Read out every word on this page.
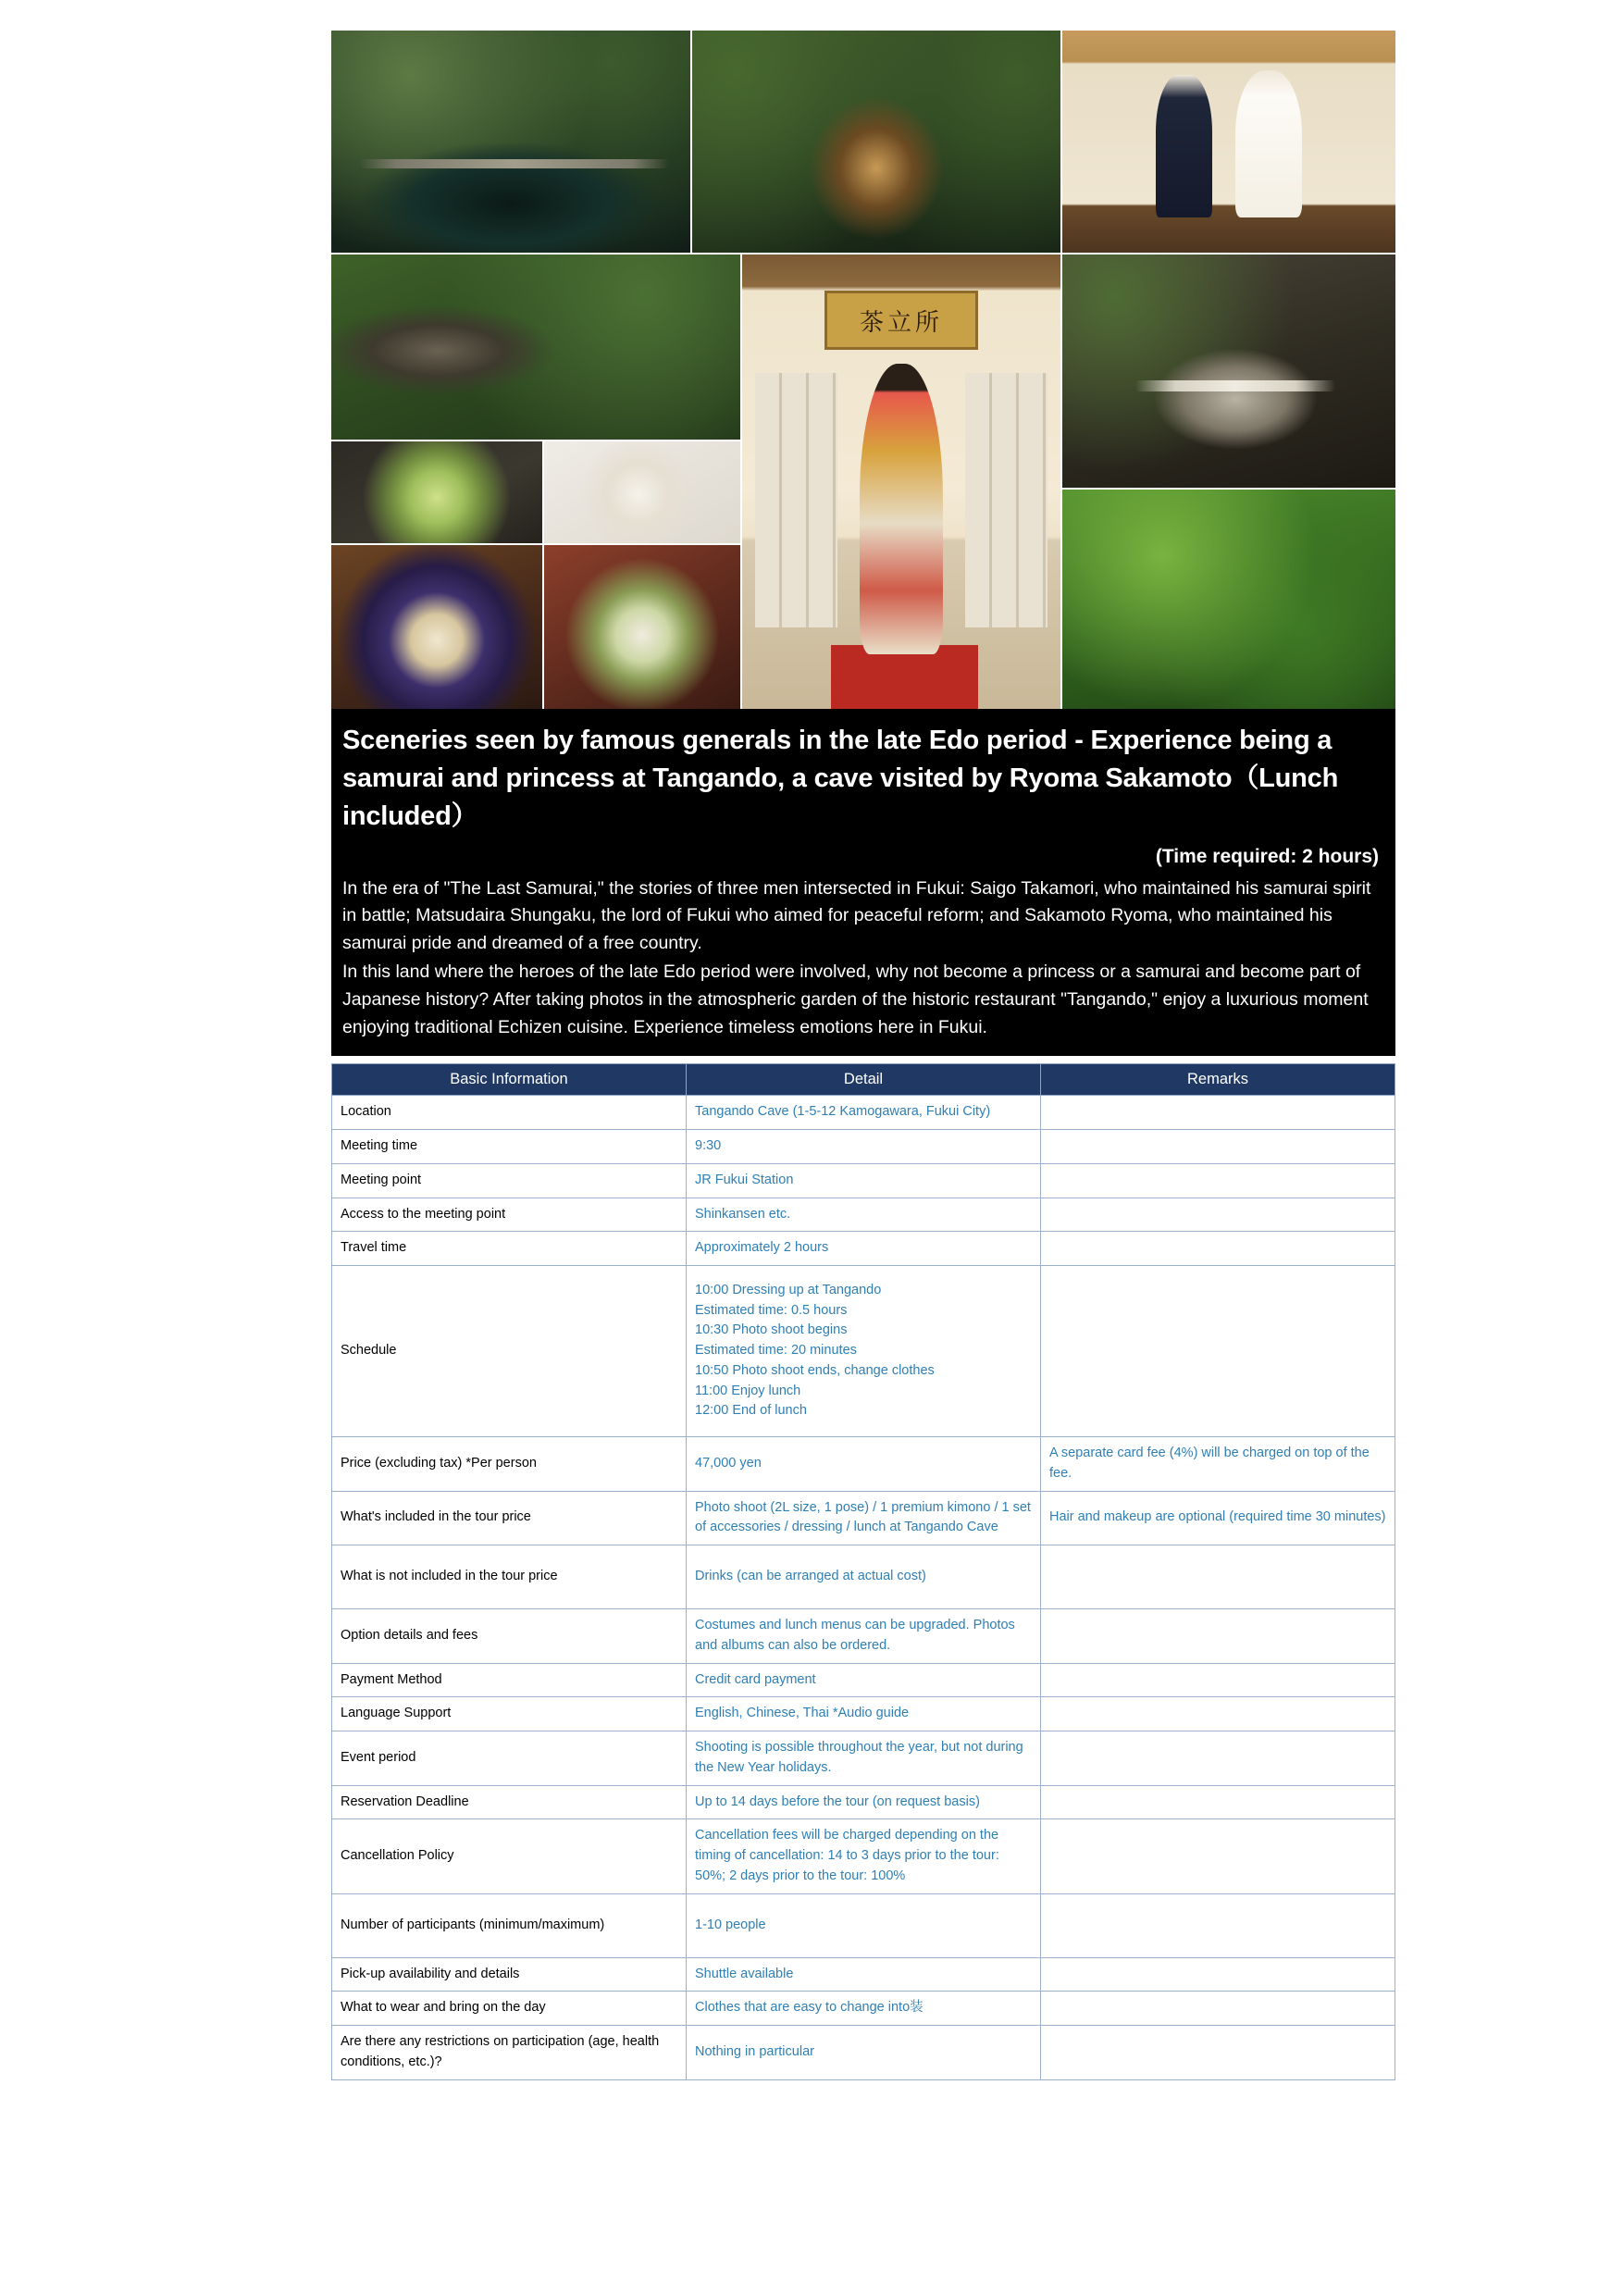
茶立所
Sceneries seen by famous generals in the late Edo period - Experience being a samurai and princess at Tangando, a cave visited by Ryoma Sakamoto（Lunch included）
(Time required: 2 hours)

In the era of "The Last Samurai," the stories of three men intersected in Fukui: Saigo Takamori, who maintained his samurai spirit in battle; Matsudaira Shungaku, the lord of Fukui who aimed for peaceful reform; and Sakamoto Ryoma, who maintained his samurai pride and dreamed of a free country.

In this land where the heroes of the late Edo period were involved, why not become a princess or a samurai and become part of Japanese history? After taking photos in the atmospheric garden of the historic restaurant "Tangando," enjoy a luxurious moment enjoying traditional Echizen cuisine. Experience timeless emotions here in Fukui.

Basic Information	Detail	Remarks
Location	Tangando Cave (1-5-12 Kamogawara, Fukui City)	
Meeting time	9:30	
Meeting point	JR Fukui Station	
Access to the meeting point	Shinkansen etc.	
Travel time	Approximately 2 hours	
Schedule	10:00 Dressing up at Tangando
Estimated time: 0.5 hours
10:30 Photo shoot begins
Estimated time: 20 minutes
10:50 Photo shoot ends, change clothes
11:00 Enjoy lunch
12:00 End of lunch	
Price (excluding tax) *Per person	47,000 yen	A separate card fee (4%) will be charged on top of the fee.
What's included in the tour price	Photo shoot (2L size, 1 pose) / 1 premium kimono / 1 set of accessories / dressing / lunch at Tangando Cave	Hair and makeup are optional (required time 30 minutes)
What is not included in the tour price	Drinks (can be arranged at actual cost)	
Option details and fees	Costumes and lunch menus can be upgraded. Photos and albums can also be ordered.	
Payment Method	Credit card payment	
Language Support	English, Chinese, Thai *Audio guide	
Event period	Shooting is possible throughout the year, but not during the New Year holidays.	
Reservation Deadline	Up to 14 days before the tour (on request basis)	
Cancellation Policy	Cancellation fees will be charged depending on the timing of cancellation: 14 to 3 days prior to the tour: 50%; 2 days prior to the tour: 100%	
Number of participants (minimum/maximum)	1-10 people	
Pick-up availability and details	Shuttle available	
What to wear and bring on the day	Clothes that are easy to change into装	
Are there any restrictions on participation (age, health conditions, etc.)?	Nothing in particular	
